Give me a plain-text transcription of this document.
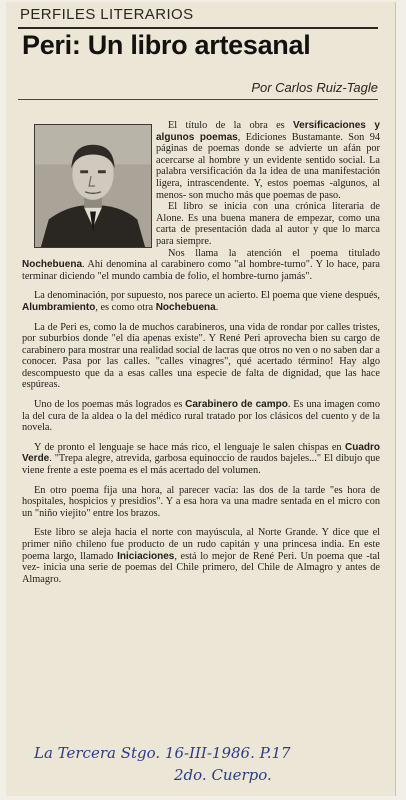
PERFILES LITERARIOS
Peri: Un libro artesanal
Por Carlos Ruiz-Tagle

El título de la obra es Versificaciones y algunos poemas, Ediciones Bustamante. Son 94 páginas de poemas donde se advierte un afán por acercarse al hombre y un evidente sentido social. La palabra versificación da la idea de una manifestación ligera, intrascendente. Y, estos poemas -algunos, al menos- son mucho más que poemas de paso.

El libro se inicia con una crónica literaria de Alone. Es una buena manera de empezar, como una carta de presentación dada al autor y que lo marca para siempre.

Nos llama la atención el poema titulado Nochebuena. Ahí denomina al carabinero como "al hombre-turno". Y lo hace, para terminar diciendo "el mundo cambia de folio, el hombre-turno jamás".

La denominación, por supuesto, nos parece un acierto. El poema que viene después, Alumbramiento, es como otra Nochebuena.

La de Peri es, como la de muchos carabineros, una vida de rondar por calles tristes, por suburbios donde "el día apenas existe". Y René Peri aprovecha bien su cargo de carabinero para mostrar una realidad social de lacras que otros no ven o no saben dar a conocer. Pasa por las calles. "calles vinagres", qué acertado término! Hay algo descompuesto que da a esas calles una especie de falta de dignidad, que las hace espúreas.

Uno de los poemas más logrados es Carabinero de campo. Es una imagen como la del cura de la aldea o la del médico rural tratado por los clásicos del cuento y de la novela.

Y de pronto el lenguaje se hace más rico, el lenguaje le salen chispas en Cuadro Verde. "Trepa alegre, atrevida, garbosa equinoccio de raudos bajeles..." El dibujo que viene frente a este poema es el más acertado del volumen.

En otro poema fija una hora, al parecer vacía: las dos de la tarde "es hora de hospitales, hospicios y presidios". Y a esa hora va una madre sentada en el micro con un "niño viejito" entre los brazos.

Este libro se aleja hacia el norte con mayúscula, al Norte Grande. Y dice que el primer niño chileno fue producto de un rudo capitán y una princesa india. En este poema largo, llamado Iniciaciones, está lo mejor de René Peri. Un poema que -tal vez- inicia una serie de poemas del Chile primero, del Chile de Almagro y antes de Almagro.

La Tercera Stgo. 16-III-1986. P.17
2do. Cuerpo.
